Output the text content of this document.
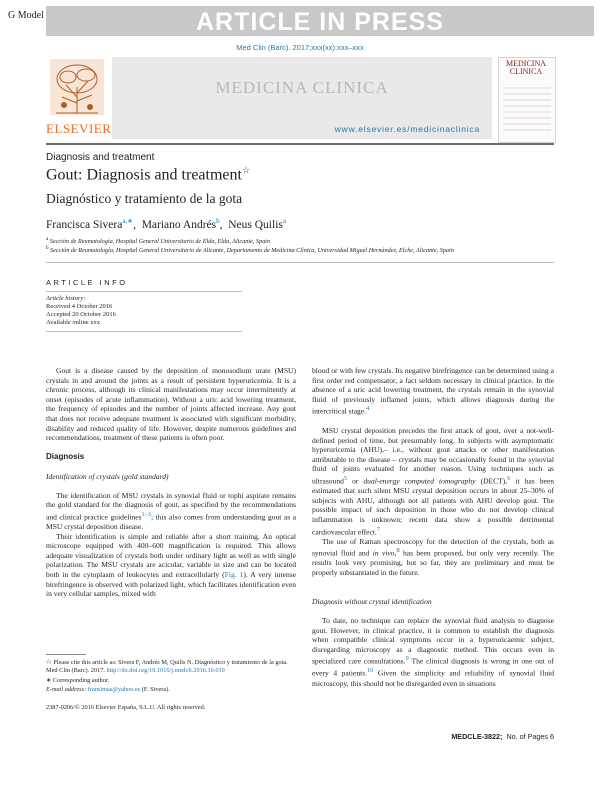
G Model	ARTICLE IN PRESS
Med Clin (Barc). 2017;xxx(xx):xxx–xxx
ELSEVIER
MEDICINA CLINICA
www.elsevier.es/medicinaclinica
MEDICINA CLINICA
Diagnosis and treatment
Gout: Diagnosis and treatment☆
Diagnóstico y tratamiento de la gota
Francisca Sivera$^{a,∗}$, Mariano Andrés$^b$, Neus Quilis$^a$
$^a$ Sección de Reumatología, Hospital General Universitario de Elda, Elda, Alicante, Spain
$^b$ Sección de Reumatología, Hospital General Universitario de Alicante, Departamento de Medicina Clínica, Universidad Miguel Hernández, Elche, Alicante, Spain
ARTICLE INFO
Article history:
Received 4 October 2016
Accepted 20 October 2016
Available online xxx

Gout is a disease caused by the deposition of monosodium urate (MSU) crystals in and around the joints as a result of persistent hyperuricemia. It is a chronic process, although its clinical manifestations may occur intermittently at onset (episodes of acute inflammation). Without a uric acid lowering treatment, the frequency of episodes and the number of joints affected increase. Any gout that does not receive adequate treatment is associated with significant morbidity, disability and reduced quality of life. However, despite numerous guidelines and recommendations, treatment of these patients is often poor.

Diagnosis

Identification of crystals (gold standard)

The identification of MSU crystals in synovial fluid or tophi aspirate remains the gold standard for the diagnosis of gout, as specified by the recommendations and clinical practice guidelines$^{1-3}$; this also comes from understanding gout as a MSU crystal deposition disease.

Their identification is simple and reliable after a short training. An optical microscope equipped with 400–600 magnification is required. This allows adequate visualization of crystals both under ordinary light as well as with single polarization. The MSU crystals are acicular, variable in size and can be located both in the cytoplasm of leukocytes and extracellularly (Fig. 1). A very intense birefringence is observed with polarized light, which facilitates identification even in very cellular samples, mixed with

blood or with few crystals. Its negative birefringence can be determined using a first order red compensator, a fact seldom necessary in clinical practice. In the absence of a uric acid lowering treatment, the crystals remain in the synovial fluid of previously inflamed joints, which allows diagnosis during the intercritical stage.$^4$

MSU crystal deposition precedes the first attack of gout, over a not-well-defined period of time, but presumably long. In subjects with asymptomatic hyperuricemia (AHU),– i.e., without gout attacks or other manifestation attributable to the disease – crystals may be occasionally found in the synovial fluid of joints evaluated for another reason. Using techniques such as ultrasound$^5$ or dual-energy computed tomography (DECT),$^6$ it has been estimated that such silent MSU crystal deposition occurs in about 25–30% of subjects with AHU, although not all patients with AHU develop gout. The possible impact of such deposition in those who do not develop clinical inflammation is unknown; recent data show a possible detrimental cardiovascular effect.$^7$

The use of Raman spectroscopy for the detection of the crystals, both as synovial fluid and in vivo,$^8$ has been proposed, but only very recently. The results look very promising, but so far, they are preliminary and must be properly substantiated in the future.

Diagnosis without crystal identification

To date, no technique can replace the synovial fluid analysis to diagnose gout. However, in clinical practice, it is common to establish the diagnosis when compatible clinical symptoms occur in a hyperuricaemic subject, disregarding microscopy as a diagnostic method. This occurs even in specialized care consultations.$^9$ The clinical diagnosis is wrong in one out of every 4 patients.$^{10}$ Given the simplicity and reliability of synovial fluid microscopy, this should not be disregarded even in situations

☆ Please cite this article as: Sivera F, Andrés M, Quilis N. Diagnóstico y tratamiento de la gota. Med Clin (Barc). 2017. http://dx.doi.org/10.1016/j.medcli.2016.10.019
∗ Corresponding author.
E-mail address: fransimas@yahoo.es (F. Sivera).
2387-0206/© 2016 Elsevier España, S.L.U. All rights reserved.
MEDCLE-3822; No. of Pages 6
